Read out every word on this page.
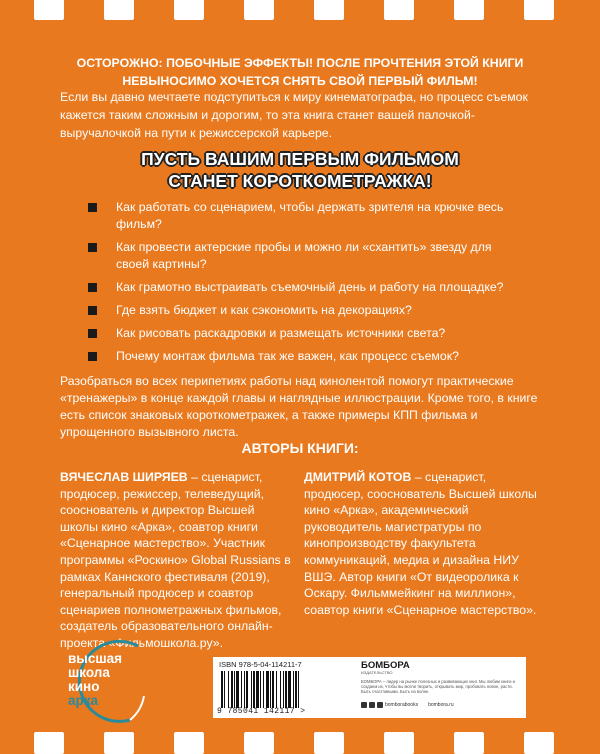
ОСТОРОЖНО: ПОБОЧНЫЕ ЭФФЕКТЫ! ПОСЛЕ ПРОЧТЕНИЯ ЭТОЙ КНИГИ
НЕВЫНОСИМО ХОЧЕТСЯ СНЯТЬ СВОЙ ПЕРВЫЙ ФИЛЬМ!
Если вы давно мечтаете подступиться к миру кинематографа, но процесс съемок кажется таким сложным и дорогим, то эта книга станет вашей палочкой-выручалочкой на пути к режиссерской карьере.
ПУСТЬ ВАШИМ ПЕРВЫМ ФИЛЬМОМ
СТАНЕТ КОРОТКОМЕТРАЖКА!
Как работать со сценарием, чтобы держать зрителя на крючке весь фильм?
Как провести актерские пробы и можно ли «схантить» звезду для своей картины?
Как грамотно выстраивать съемочный день и работу на площадке?
Где взять бюджет и как сэкономить на декорациях?
Как рисовать раскадровки и размещать источники света?
Почему монтаж фильма так же важен, как процесс съемок?
Разобраться во всех перипетиях работы над кинолентой помогут практические «тренажеры» в конце каждой главы и наглядные иллюстрации. Кроме того, в книге есть список знаковых короткометражек, а также примеры КПП фильма и упрощенного вызывного листа.
АВТОРЫ КНИГИ:
ВЯЧЕСЛАВ ШИРЯЕВ – сценарист, продюсер, режиссер, телеведущий, сооснователь и директор Высшей школы кино «Арка», соавтор книги «Сценарное мастерство». Участник программы «Роскино» Global Russians в рамках Каннского фестиваля (2019), генеральный продюсер и соавтор сценариев полнометражных фильмов, создатель образовательного онлайн-проекта «Фильмошкола.ру».
ДМИТРИЙ КОТОВ – сценарист, продюсер, сооснователь Высшей школы кино «Арка», академический руководитель магистратуры по кинопроизводству факультета коммуникаций, медиа и дизайна НИУ ВШЭ. Автор книги «От видеоролика к Оскару. Фильммейкинг на миллион», соавтор книги «Сценарное мастерство».
высшая
школа
кино
арка
ISBN 978-5-04-114211-7
9 785041 142117 >
БОМБОРА
ИЗДАТЕЛЬСТВО
БОМБОРА – лидер на рынке полезных и развивающих книг. Мы любим книги и создаем их, чтобы вы могли творить, открывать мир, пробовать новое, расти. Быть счастливыми. Быть на волне.
bomborabooks bombora.ru
